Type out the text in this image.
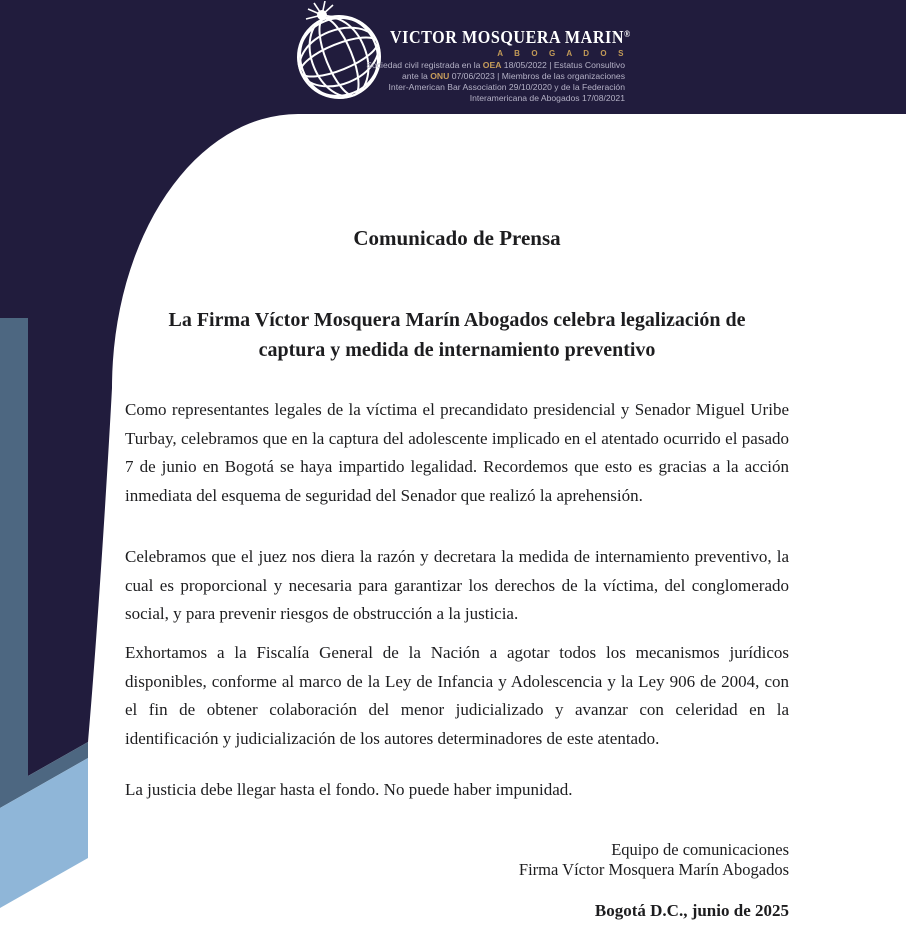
VICTOR MOSQUERA MARIN®
A B O G A D O S
Sociedad civil registrada en la OEA 18/05/2022 | Estatus Consultivo
ante la ONU 07/06/2023 | Miembros de las organizaciones
Inter-American Bar Association 29/10/2020 y de la Federación
Interamericana de Abogados 17/08/2021
Comunicado de Prensa
La Firma Víctor Mosquera Marín Abogados celebra legalización de
captura y medida de internamiento preventivo

Como representantes legales de la víctima el precandidato presidencial y Senador Miguel Uribe Turbay, celebramos que en la captura del adolescente implicado en el atentado ocurrido el pasado 7 de junio en Bogotá se haya impartido legalidad. Recordemos que esto es gracias a la acción inmediata del esquema de seguridad del Senador que realizó la aprehensión.

Celebramos que el juez nos diera la razón y decretara la medida de internamiento preventivo, la cual es proporcional y necesaria para garantizar los derechos de la víctima, del conglomerado social, y para prevenir riesgos de obstrucción a la justicia.

Exhortamos a la Fiscalía General de la Nación a agotar todos los mecanismos jurídicos disponibles, conforme al marco de la Ley de Infancia y Adolescencia y la Ley 906 de 2004, con el fin de obtener colaboración del menor judicializado y avanzar con celeridad en la identificación y judicialización de los autores determinadores de este atentado.

La justicia debe llegar hasta el fondo. No puede haber impunidad.

Equipo de comunicaciones
Firma Víctor Mosquera Marín Abogados
Bogotá D.C., junio de 2025
